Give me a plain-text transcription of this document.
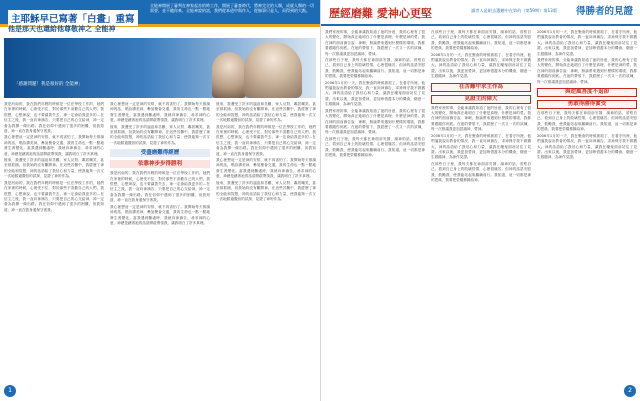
主耶穌早已寫著「白畫」重寫
他是那天也還給他尊敬神之 全能神
全能神開展了審判在神家起首的時工作，開展了審查時代，將神完全的人類，成就人類的一切需要，並不隨你來、全能神說的話，我們從本道中與作人，從無事只是人，而得到的大點。
「感謝問題！我是很好的 全能神」

我是河南的，我在我們年輕的時候是一位在學校工作的，她們在家裡的時候，心裡受不住，對於那些不喜歡自己的人們，我很想，心想神說，也不要讓我失去，神一定會給我更多的…在信主之後，我一直向神禱告，只要把自己的心交給神，神一定會為我開一條出路。我在信仰中遇到了很多的困難，但我知道，神一直在我身邊保守著我。

我心裡想這一定是神的安排，就不再害怕了。我開始每天都讀神的話，唱詩讚美神，參加聚會交通，我的生命也一點一點地發生著變化。當我遇到難處時，我就向神禱告，尋求神的心意，神總是藉著祂的話語開啟帶領我，讓我明白了許多真理。

後來，我遭受了許多的逼迫和苦難，家人反對、鄰居嘲笑，甚至被抓捕，但我始終沒有離開神。在這些苦難中，我經歷了神的全能和智慧，神的話語給了我信心和力量，使我能夠一次又一次地勝過撒但的試探，見證了神的作為。

我是河南的，我在我們年輕的時候是一位在學校工作的，她們在家裡的時候，心裡受不住，對於那些不喜歡自己的人們，我很想，心想神說，也不要讓我失去，神一定會給我更多的…在信主之後，我一直向神禱告，只要把自己的心交給神，神一定會為我開一條出路。我在信仰中遇到了很多的困難，但我知道，神一直在我身邊保守著我。

我心裡想這一定是神的安排，就不再害怕了。我開始每天都讀神的話，唱詩讚美神，參加聚會交通，我的生命也一點一點地發生著變化。當我遇到難處時，我就向神禱告，尋求神的心意，神總是藉著祂的話語開啟帶領我，讓我明白了許多真理。

後來，我遭受了許多的逼迫和苦難，家人反對、鄰居嘲笑，甚至被抓捕，但我始終沒有離開神。在這些苦難中，我經歷了神的全能和智慧，神的話語給了我信心和力量，使我能夠一次又一次地勝過撒但的試探，見證了神的作為。

受盡磨難得經歷
依靠神步步得勝利

我是河南的，我在我們年輕的時候是一位在學校工作的，她們在家裡的時候，心裡受不住，對於那些不喜歡自己的人們，我很想，心想神說，也不要讓我失去，神一定會給我更多的…在信主之後，我一直向神禱告，只要把自己的心交給神，神一定會為我開一條出路。我在信仰中遇到了很多的困難，但我知道，神一直在我身邊保守著我。

我心裡想這一定是神的安排，就不再害怕了。我開始每天都讀神的話，唱詩讚美神，參加聚會交通，我的生命也一點一點地發生著變化。當我遇到難處時，我就向神禱告，尋求神的心意，神總是藉著祂的話語開啟帶領我，讓我明白了許多真理。

後來，我遭受了許多的逼迫和苦難，家人反對、鄰居嘲笑，甚至被抓捕，但我始終沒有離開神。在這些苦難中，我經歷了神的全能和智慧，神的話語給了我信心和力量，使我能夠一次又一次地勝過撒但的試探，見證了神的作為。

我是河南的，我在我們年輕的時候是一位在學校工作的，她們在家裡的時候，心裡受不住，對於那些不喜歡自己的人們，我很想，心想神說，也不要讓我失去，神一定會給我更多的…在信主之後，我一直向神禱告，只要把自己的心交給神，神一定會為我開一條出路。我在信仰中遇到了很多的困難，但我知道，神一直在我身邊保守著我。

我心裡想這一定是神的安排，就不再害怕了。我開始每天都讀神的話，唱詩讚美神，參加聚會交通，我的生命也一點一點地發生著變化。當我遇到難處時，我就向神禱告，尋求神的心意，神總是藉著祂的話語開啟帶領我，讓我明白了許多真理。

後來，我遭受了許多的逼迫和苦難，家人反對、鄰居嘲笑，甚至被抓捕，但我始終沒有離開神。在這些苦難中，我經歷了神的全能和智慧，神的話語給了我信心和力量，使我能夠一次又一次地勝過撒但的試探，見證了神的作為。

1
歷經磨難 愛神心更堅	讀者人是耐去選聽中在第的（第59期）第13版 得勝者的見證

我們家裡的事，全能神讓我知道了祂的旨意，我的心裡有了很大的變化，開始真正地明白了什麼是真理，什麼是神的愛。我在神的面前禱告說：神啊，無論將來遇到什麼樣的環境，我都要跟隨你到底。在祂的帶領下，我經歷了一次又一次的試煉，每一次都讓我更加認識神、愛神。

在那些日子裡，我每天都在神面前安靜，讀神的話，省察自己，看到自己身上的敗壞性情，心裡很痛苦。但神的話語安慰我、鼓勵我，使我能站起來繼續前行。我知道，這一切都是神的恩典，我要把榮耀都歸給神。

2006年1月的一天，我在聚會的時候被抓了，在看守所裡，他們逼我說出教會的情況，我一直向神禱告，求神保守我不做猶大。神的話語給了我信心和力量，讓我在魔鬼面前站住了見證。出來以後，我更加愛神，更加珍惜盡本分的機會，願意一生跟隨神、為神作見證。

我們家裡的事，全能神讓我知道了祂的旨意，我的心裡有了很大的變化，開始真正地明白了什麼是真理，什麼是神的愛。我在神的面前禱告說：神啊，無論將來遇到什麼樣的環境，我都要跟隨你到底。在祂的帶領下，我經歷了一次又一次的試煉，每一次都讓我更加認識神、愛神。

在那些日子裡，我每天都在神面前安靜，讀神的話，省察自己，看到自己身上的敗壞性情，心裡很痛苦。但神的話語安慰我、鼓勵我，使我能站起來繼續前行。我知道，這一切都是神的恩典，我要把榮耀都歸給神。

在那些日子裡，我每天都在神面前安靜，讀神的話，省察自己，看到自己身上的敗壞性情，心裡很痛苦。但神的話語安慰我、鼓勵我，使我能站起來繼續前行。我知道，這一切都是神的恩典，我要把榮耀都歸給神。

2006年1月的一天，我在聚會的時候被抓了，在看守所裡，他們逼我說出教會的情況，我一直向神禱告，求神保守我不做猶大。神的話語給了我信心和力量，讓我在魔鬼面前站住了見證。出來以後，我更加愛神，更加珍惜盡本分的機會，願意一生跟隨神、為神作見證。

在苦難中求主作為
見證主的偉大

我們家裡的事，全能神讓我知道了祂的旨意，我的心裡有了很大的變化，開始真正地明白了什麼是真理，什麼是神的愛。我在神的面前禱告說：神啊，無論將來遇到什麼樣的環境，我都要跟隨你到底。在祂的帶領下，我經歷了一次又一次的試煉，每一次都讓我更加認識神、愛神。

2006年1月的一天，我在聚會的時候被抓了，在看守所裡，他們逼我說出教會的情況，我一直向神禱告，求神保守我不做猶大。神的話語給了我信心和力量，讓我在魔鬼面前站住了見證。出來以後，我更加愛神，更加珍惜盡本分的機會，願意一生跟隨神、為神作見證。

在那些日子裡，我每天都在神面前安靜，讀神的話，省察自己，看到自己身上的敗壞性情，心裡很痛苦。但神的話語安慰我、鼓勵我，使我能站起來繼續前行。我知道，這一切都是神的恩典，我要把榮耀都歸給神。

2006年1月的一天，我在聚會的時候被抓了，在看守所裡，他們逼我說出教會的情況，我一直向神禱告，求神保守我不做猶大。神的話語給了我信心和力量，讓我在魔鬼面前站住了見證。出來以後，我更加愛神，更加珍惜盡本分的機會，願意一生跟隨神、為神作見證。

我們家裡的事，全能神讓我知道了祂的旨意，我的心裡有了很大的變化，開始真正地明白了什麼是真理，什麼是神的愛。我在神的面前禱告說：神啊，無論將來遇到什麼樣的環境，我都要跟隨你到底。在祂的帶領下，我經歷了一次又一次的試煉，每一次都讓我更加認識神、愛神。

與逆風答度不退卻
勇敢得勝得實受

在那些日子裡，我每天都在神面前安靜，讀神的話，省察自己，看到自己身上的敗壞性情，心裡很痛苦。但神的話語安慰我、鼓勵我，使我能站起來繼續前行。我知道，這一切都是神的恩典，我要把榮耀都歸給神。

2006年1月的一天，我在聚會的時候被抓了，在看守所裡，他們逼我說出教會的情況，我一直向神禱告，求神保守我不做猶大。神的話語給了我信心和力量，讓我在魔鬼面前站住了見證。出來以後，我更加愛神，更加珍惜盡本分的機會，願意一生跟隨神、為神作見證。

2
